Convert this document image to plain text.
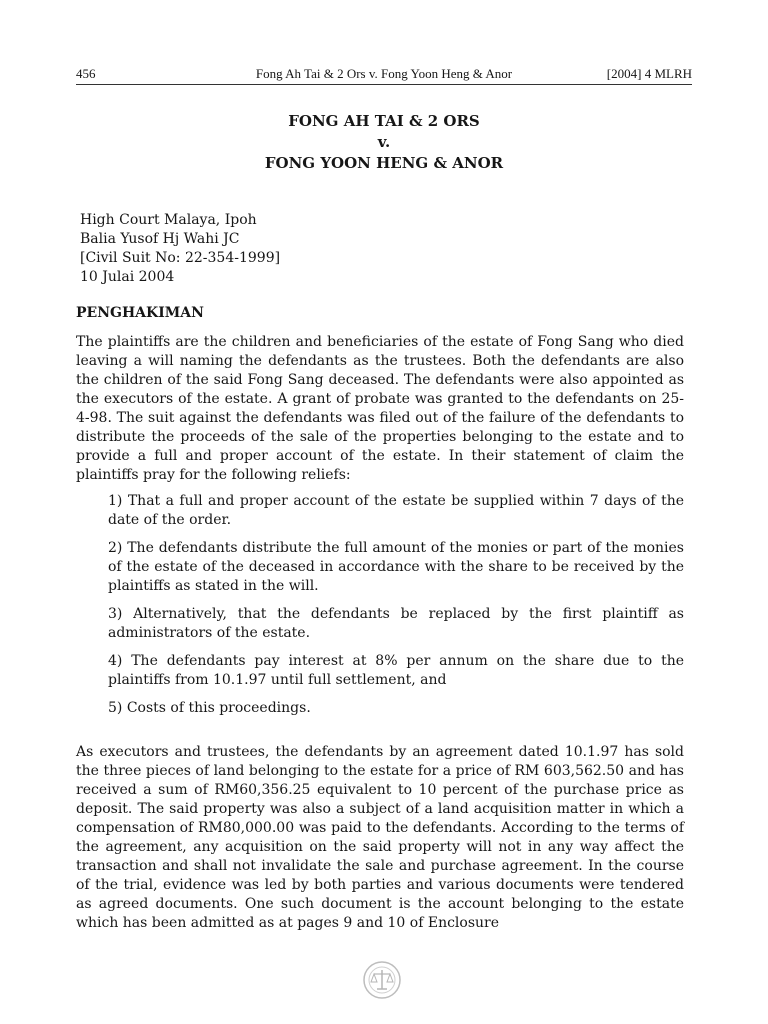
456	Fong Ah Tai & 2 Ors v. Fong Yoon Heng & Anor	[2004] 4 MLRH
FONG AH TAI & 2 ORS
v.
FONG YOON HENG & ANOR
High Court Malaya, Ipoh
Balia Yusof Hj Wahi JC
[Civil Suit No: 22-354-1999]
10 Julai 2004
PENGHAKIMAN

The plaintiffs are the children and beneficiaries of the estate of Fong Sang who died leaving a will naming the defendants as the trustees. Both the defendants are also the children of the said Fong Sang deceased. The defendants were also appointed as the executors of the estate. A grant of probate was granted to the defendants on 25-4-98. The suit against the defendants was filed out of the failure of the defendants to distribute the proceeds of the sale of the properties belonging to the estate and to provide a full and proper account of the estate. In their statement of claim the plaintiffs pray for the following reliefs:

1) That a full and proper account of the estate be supplied within 7 days of the date of the order.
2) The defendants distribute the full amount of the monies or part of the monies of the estate of the deceased in accordance with the share to be received by the plaintiffs as stated in the will.
3) Alternatively, that the defendants be replaced by the first plaintiff as administrators of the estate.
4) The defendants pay interest at 8% per annum on the share due to the plaintiffs from 10.1.97 until full settlement, and
5) Costs of this proceedings.

As executors and trustees, the defendants by an agreement dated 10.1.97 has sold the three pieces of land belonging to the estate for a price of RM 603,562.50 and has received a sum of RM60,356.25 equivalent to 10 percent of the purchase price as deposit. The said property was also a subject of a land acquisition matter in which a compensation of RM80,000.00 was paid to the defendants. According to the terms of the agreement, any acquisition on the said property will not in any way affect the transaction and shall not invalidate the sale and purchase agreement. In the course of the trial, evidence was led by both parties and various documents were tendered as agreed documents. One such document is the account belonging to the estate which has been admitted as at pages 9 and 10 of Enclosure
